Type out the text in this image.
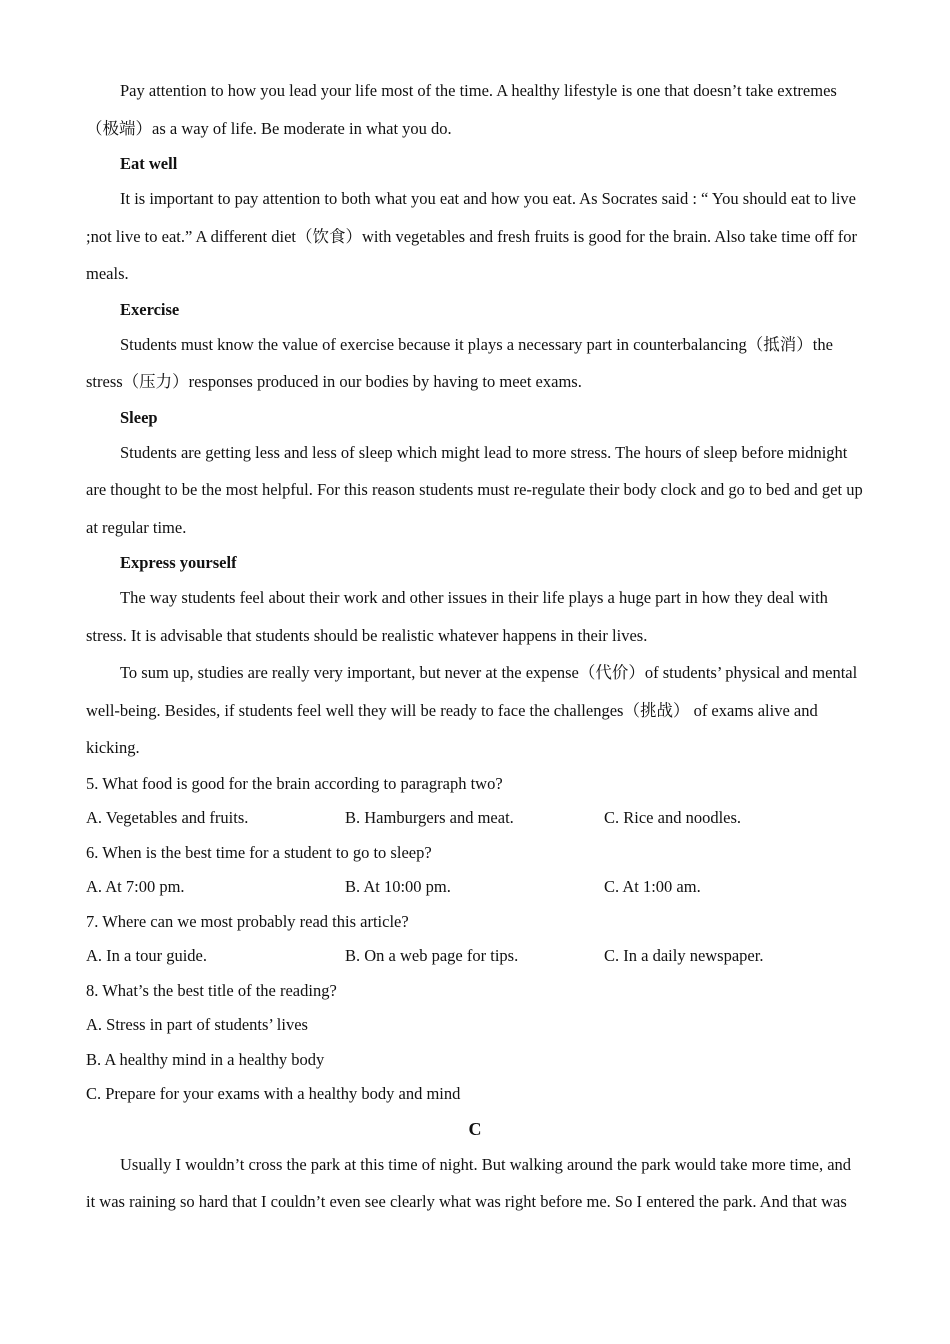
Pay attention to how you lead your life most of the time. A healthy lifestyle is one that doesn’t take extremes（极端）as a way of life. Be moderate in what you do.

Eat well

It is important to pay attention to both what you eat and how you eat. As Socrates said : “ You should eat to live ;not live to eat.” A different diet（饮食）with vegetables and fresh fruits is good for the brain. Also take time off for meals.

Exercise

Students must know the value of exercise because it plays a necessary part in counterbalancing（抵消）the stress（压力）responses produced in our bodies by having to meet exams.

Sleep

Students are getting less and less of sleep which might lead to more stress. The hours of sleep before midnight are thought to be the most helpful. For this reason students must re-regulate their body clock and go to bed and get up at regular time.

Express yourself

The way students feel about their work and other issues in their life plays a huge part in how they deal with stress. It is advisable that students should be realistic whatever happens in their lives.

To sum up, studies are really very important, but never at the expense（代价）of students’ physical and mental well-being. Besides, if students feel well they will be ready to face the challenges（挑战） of exams alive and kicking.

5. What food is good for the brain according to paragraph two?
A. Vegetables and fruits.	B. Hamburgers and meat.	C. Rice and noodles.
6. When is the best time for a student to go to sleep?
A. At 7:00 pm.	B. At 10:00 pm.	C. At 1:00 am.
7. Where can we most probably read this article?
A. In a tour guide.	B. On a web page for tips.	C. In a daily newspaper.
8. What’s the best title of the reading?
A. Stress in part of students’ lives
B. A healthy mind in a healthy body
C. Prepare for your exams with a healthy body and mind
C

Usually I wouldn’t cross the park at this time of night. But walking around the park would take more time, and it was raining so hard that I couldn’t even see clearly what was right before me. So I entered the park. And that was
